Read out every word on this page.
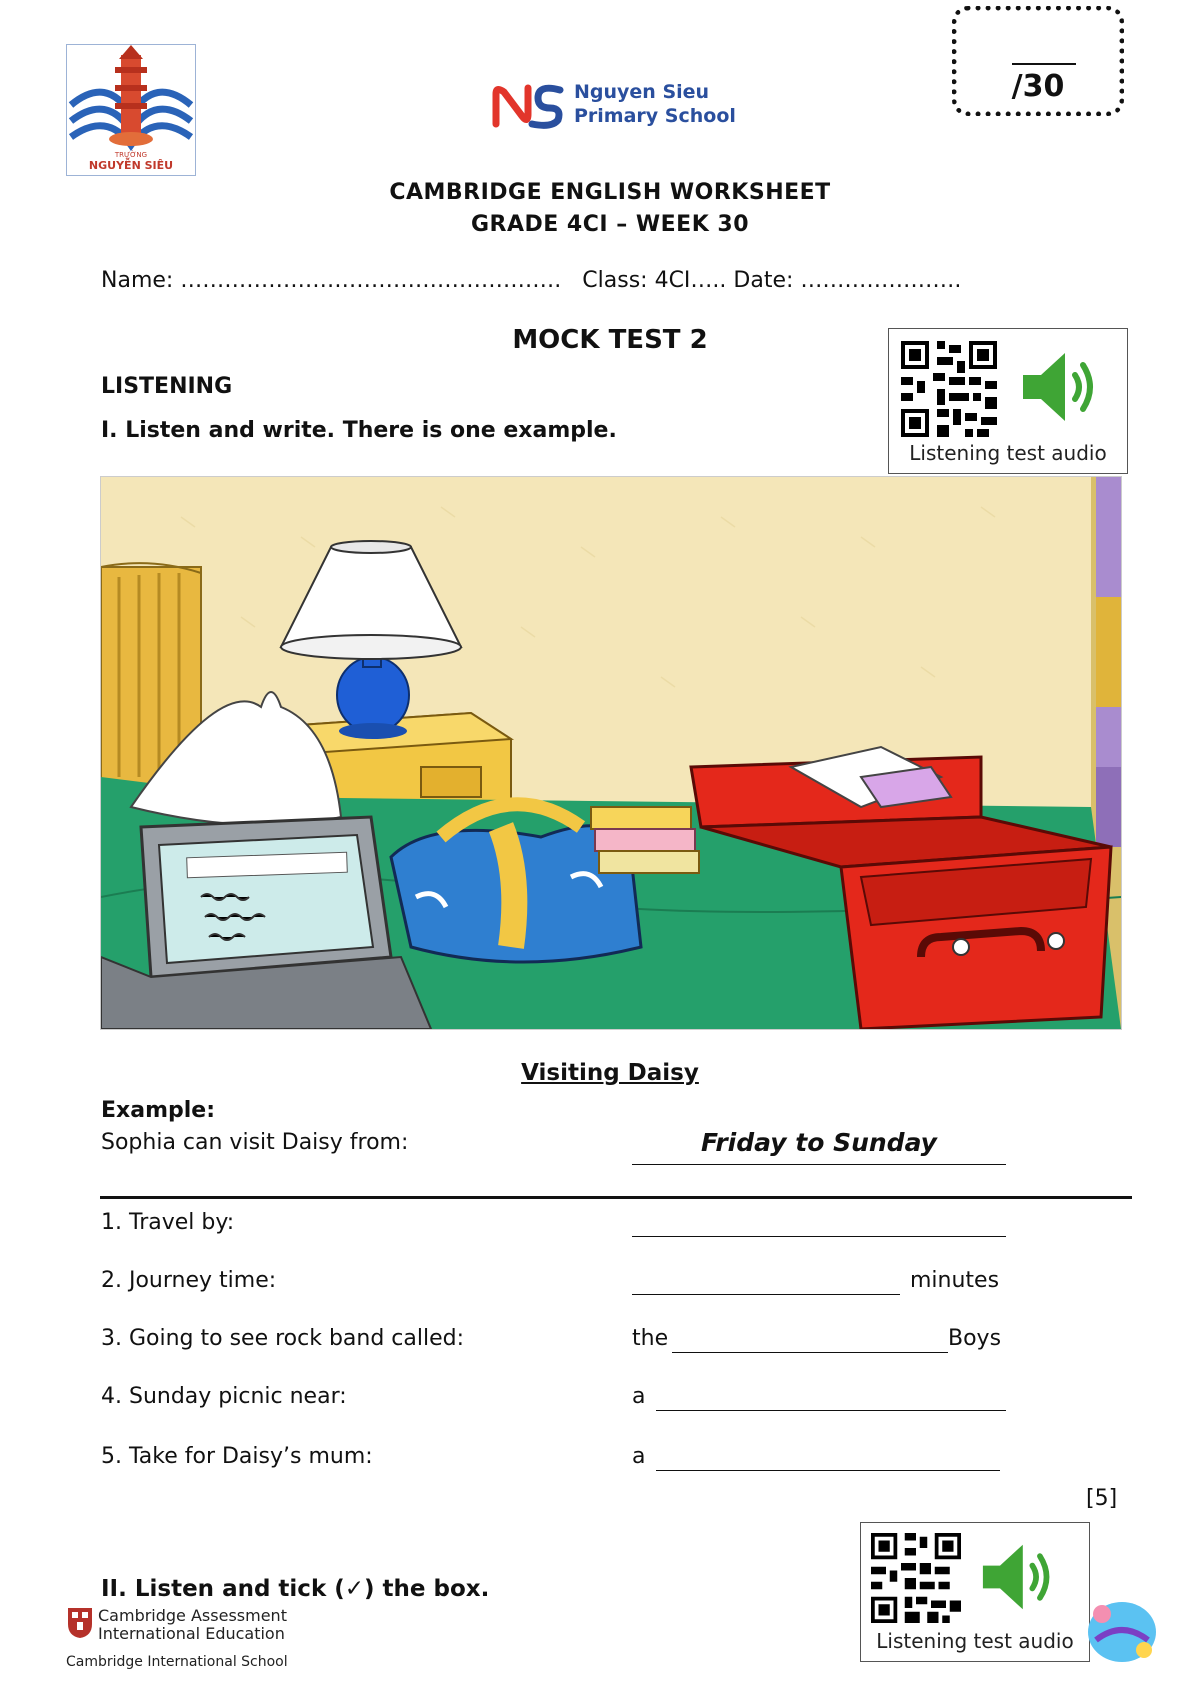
TRƯỜNG
NGUYỄN SIÊU
Nguyen Sieu
Primary School
/30
CAMBRIDGE ENGLISH WORKSHEET
GRADE 4CI – WEEK 30
Name: …………………………………………….   Class: 4CI….. Date: ………………….
MOCK TEST 2
LISTENING
I. Listen and write. There is one example.
Listening test audio
Visiting Daisy
Example:
Sophia can visit Daisy from:	Friday to Sunday
1. Travel by:
2. Journey time:	minutes
3. Going to see rock band called:	the	Boys
4. Sunday picnic near:	a
5. Take for Daisy’s mum:	a
[5]
II. Listen and tick (✓) the box.
Listening test audio
Cambridge Assessment
International Education
Cambridge International School
